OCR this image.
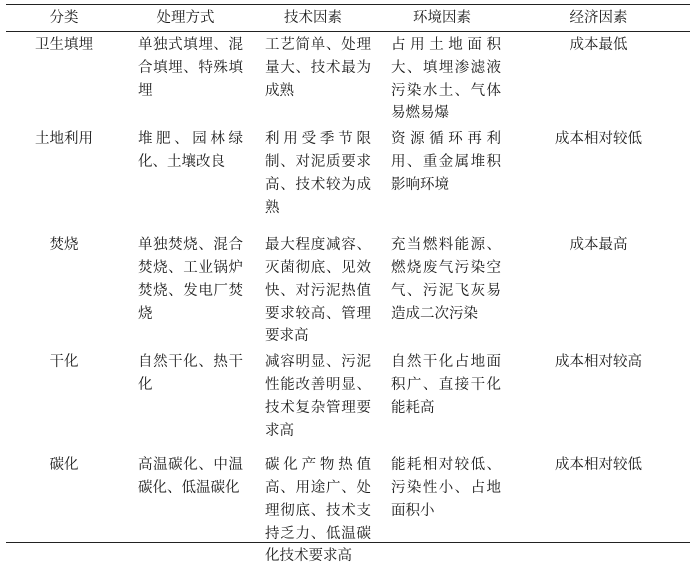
分类	处理方式	技术因素	环境因素	经济因素
卫生填埋	单独式填埋、混合填埋、特殊填埋	工艺简单、处理量大、技术最为成熟	占用土地面积大、填埋渗滤液污染水土、气体易燃易爆	成本最低
土地利用	堆肥、园林绿化、土壤改良	利用受季节限制、对泥质要求高、技术较为成熟	资源循环再利用、重金属堆积影响环境	成本相对较低
焚烧	单独焚烧、混合焚烧、工业锅炉焚烧、发电厂焚烧	最大程度减容、灭菌彻底、见效快、对污泥热值要求较高、管理要求高	充当燃料能源、燃烧废气污染空气、污泥飞灰易造成二次污染	成本最高
干化	自然干化、热干化	减容明显、污泥性能改善明显、技术复杂管理要求高	自然干化占地面积广、直接干化能耗高	成本相对较高
碳化	高温碳化、中温碳化、低温碳化	碳化产物热值高、用途广、处理彻底、技术支持乏力、低温碳化技术要求高	能耗相对较低、污染性小、占地面积小	成本相对较低
